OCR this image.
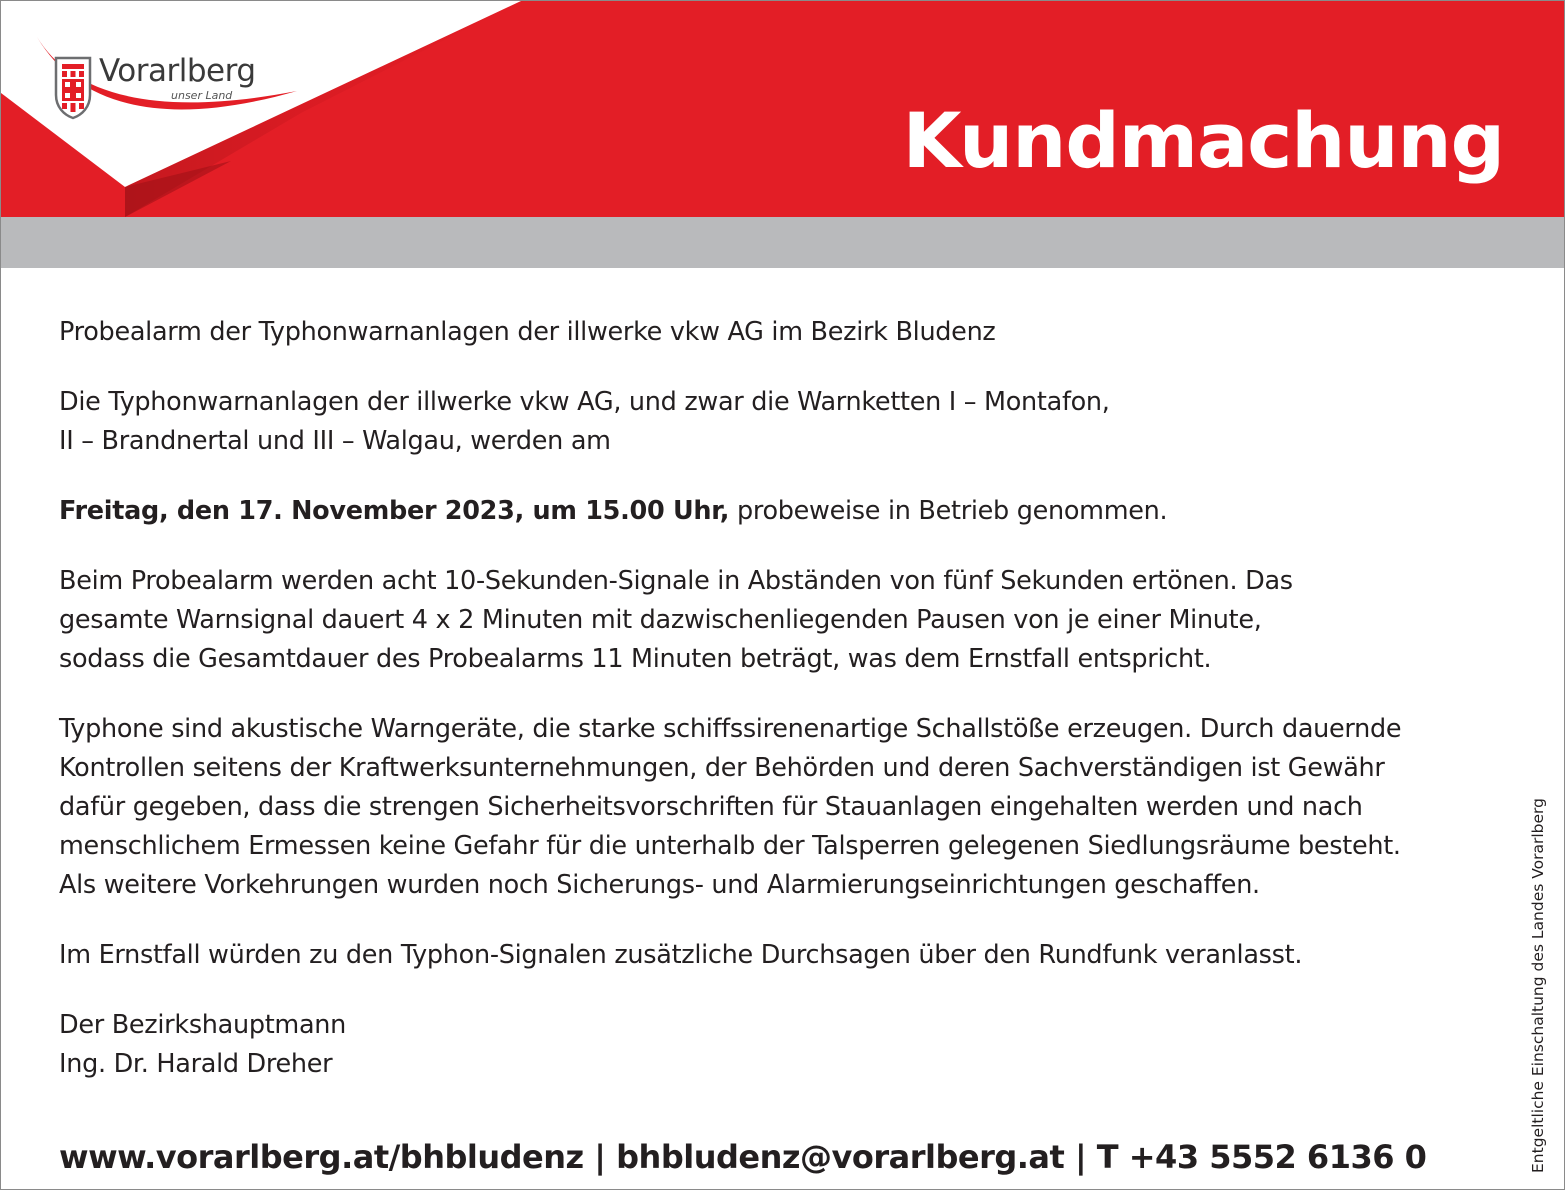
Vorarlberg
unser Land
Kundmachung

Probealarm der Typhonwarnanlagen der illwerke vkw AG im Bezirk Bludenz

Die Typhonwarnanlagen der illwerke vkw AG, und zwar die Warnketten I – Montafon,
II – Brandnertal und III – Walgau, werden am

Freitag, den 17. November 2023, um 15.00 Uhr, probeweise in Betrieb genommen.

Beim Probealarm werden acht 10-Sekunden-Signale in Abständen von fünf Sekunden ertönen. Das
gesamte Warnsignal dauert 4 x 2 Minuten mit dazwischenliegenden Pausen von je einer Minute,
sodass die Gesamtdauer des Probealarms 11 Minuten beträgt, was dem Ernstfall entspricht.

Typhone sind akustische Warngeräte, die starke schiffssirenenartige Schallstöße erzeugen. Durch dauernde
Kontrollen seitens der Kraftwerksunternehmungen, der Behörden und deren Sachverständigen ist Gewähr
dafür gegeben, dass die strengen Sicherheitsvorschriften für Stauanlagen eingehalten werden und nach
menschlichem Ermessen keine Gefahr für die unterhalb der Talsperren gelegenen Siedlungsräume besteht.
Als weitere Vorkehrungen wurden noch Sicherungs- und Alarmierungseinrichtungen geschaffen.

Im Ernstfall würden zu den Typhon-Signalen zusätzliche Durchsagen über den Rundfunk veranlasst.

Der Bezirkshauptmann
Ing. Dr. Harald Dreher

www.vorarlberg.at/bhbludenz | bhbludenz@vorarlberg.at | T +43 5552 6136 0	Entgeltliche Einschaltung des Landes Vorarlberg
